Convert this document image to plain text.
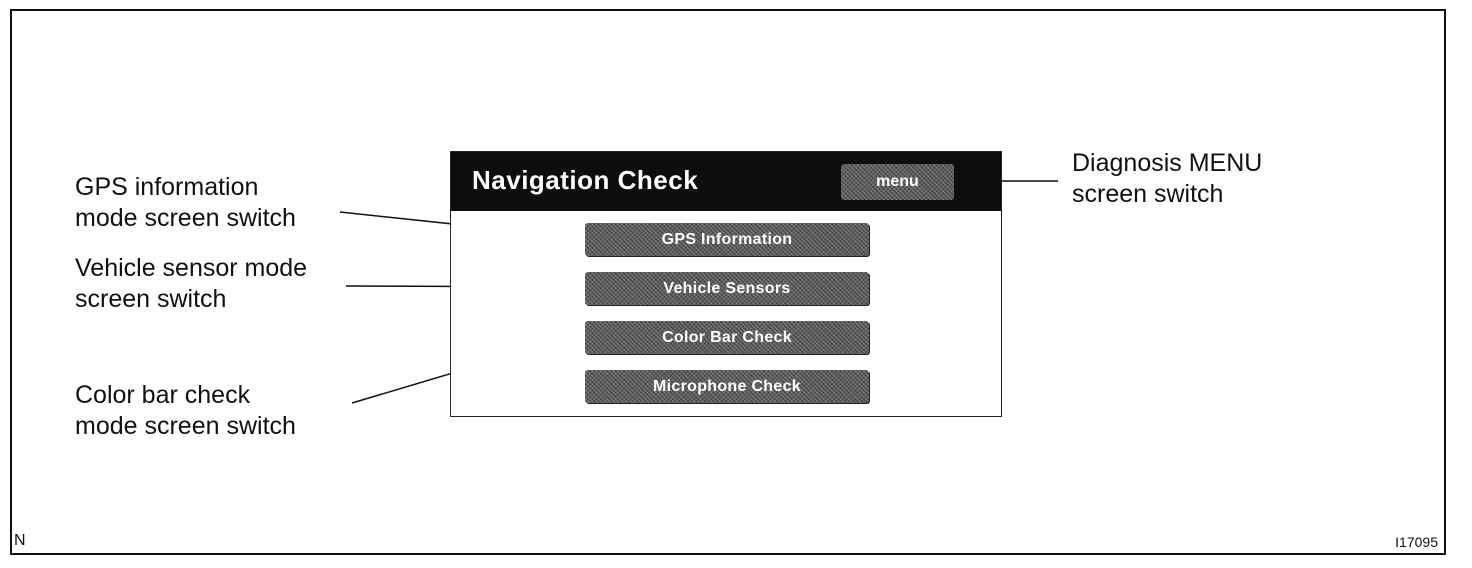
GPS information
mode screen switch
Vehicle sensor mode
screen switch
Color bar check
mode screen switch
Diagnosis MENU
screen switch
Navigation Check	menu
GPS Information
Vehicle Sensors
Color Bar Check
Microphone Check
N	I17095
